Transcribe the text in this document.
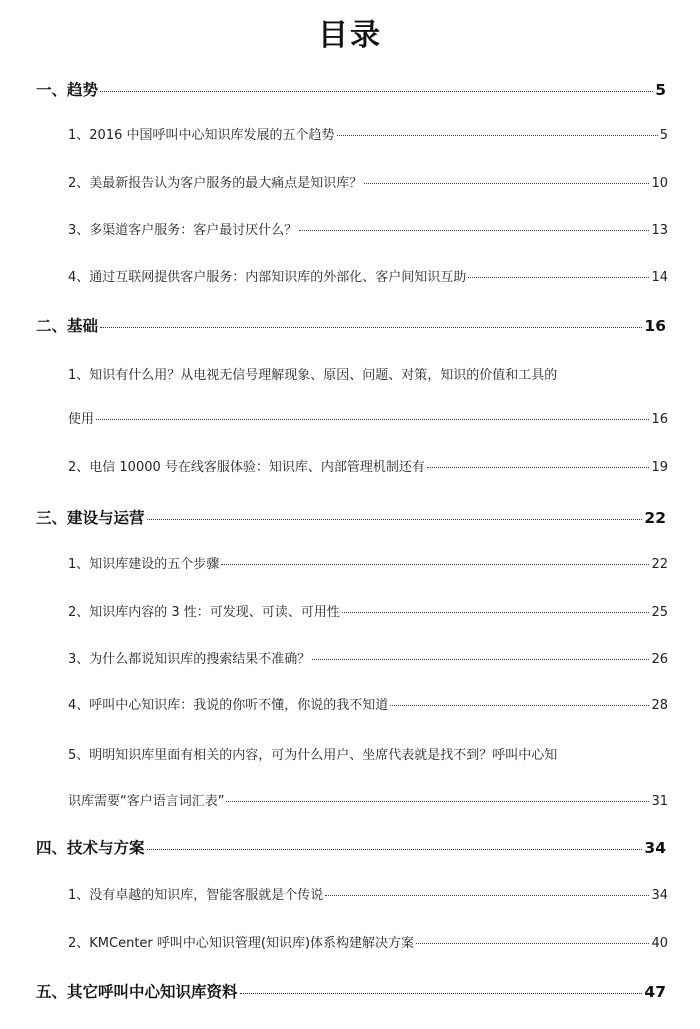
目录
一、趋势	5
1、2016 中国呼叫中心知识库发展的五个趋势	5
2、美最新报告认为客户服务的最大痛点是知识库？	10
3、多渠道客户服务：客户最讨厌什么？	13
4、通过互联网提供客户服务：内部知识库的外部化、客户间知识互助	14
二、基础	16
1、知识有什么用？从电视无信号理解现象、原因、问题、对策，知识的价值和工具的
使用	16
2、电信 10000 号在线客服体验：知识库、内部管理机制还有	19
三、建设与运营	22
1、知识库建设的五个步骤	22
2、知识库内容的 3 性：可发现、可读、可用性	25
3、为什么都说知识库的搜索结果不准确？	26
4、呼叫中心知识库：我说的你听不懂，你说的我不知道	28
5、明明知识库里面有相关的内容，可为什么用户、坐席代表就是找不到？呼叫中心知
识库需要“客户语言词汇表”	31
四、技术与方案	34
1、没有卓越的知识库，智能客服就是个传说	34
2、KMCenter 呼叫中心知识管理(知识库)体系构建解决方案	40
五、其它呼叫中心知识库资料	47
